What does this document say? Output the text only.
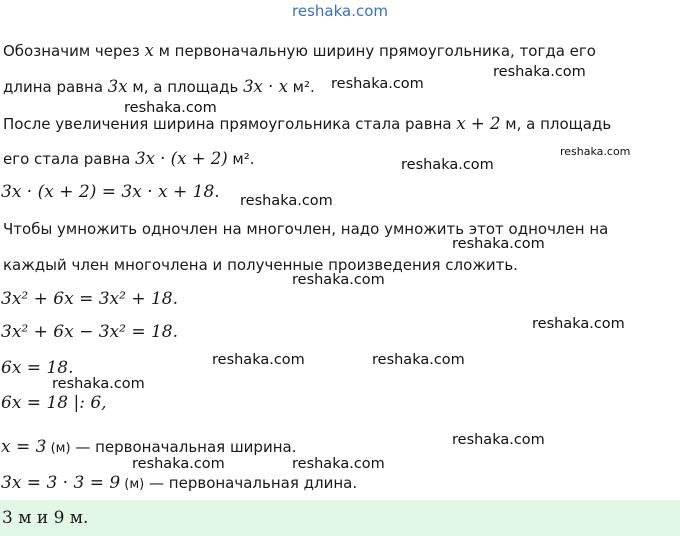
reshaka.com
Обозначим через x м первоначальную ширину прямоугольника, тогда его
длина равна 3x м, а площадь 3x · x м².
После увеличения ширина прямоугольника стала равна x + 2 м, а площадь
его стала равна 3x · (x + 2) м².
3x · (x + 2) = 3x · x + 18.
Чтобы умножить одночлен на многочлен, надо умножить этот одночлен на
каждый член многочлена и полученные произведения сложить.
3x² + 6x = 3x² + 18.
3x² + 6x − 3x² = 18.
6x = 18.
6x = 18 |: 6,
x = 3 (м) — первоначальная ширина.
3x = 3 · 3 = 9 (м) — первоначальная длина.
3 м и 9 м.
reshaka.com
reshaka.com
reshaka.com
reshaka.com
reshaka.com
reshaka.com
reshaka.com
reshaka.com
reshaka.com
reshaka.com	reshaka.com
reshaka.com
reshaka.com
reshaka.com	reshaka.com
